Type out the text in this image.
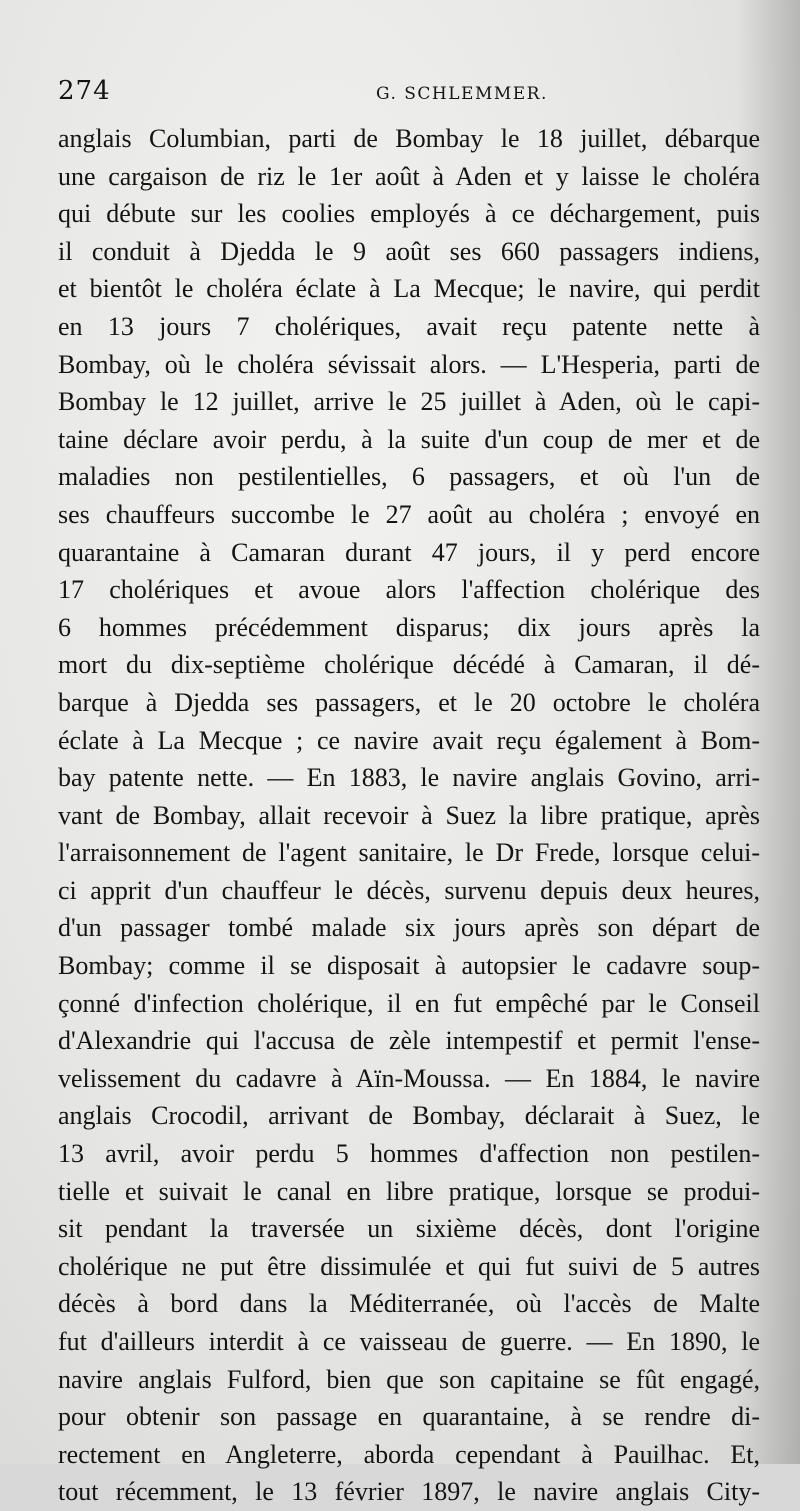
274	G. SCHLEMMER.
anglais Columbian, parti de Bombay le 18 juillet, débarque
une cargaison de riz le 1er août à Aden et y laisse le choléra
qui débute sur les coolies employés à ce déchargement, puis
il conduit à Djedda le 9 août ses 660 passagers indiens,
et bientôt le choléra éclate à La Mecque; le navire, qui perdit
en 13 jours 7 cholériques, avait reçu patente nette à
Bombay, où le choléra sévissait alors. — L'Hesperia, parti de
Bombay le 12 juillet, arrive le 25 juillet à Aden, où le capi-
taine déclare avoir perdu, à la suite d'un coup de mer et de
maladies non pestilentielles, 6 passagers, et où l'un de
ses chauffeurs succombe le 27 août au choléra ; envoyé en
quarantaine à Camaran durant 47 jours, il y perd encore
17 cholériques et avoue alors l'affection cholérique des
6 hommes précédemment disparus; dix jours après la
mort du dix-septième cholérique décédé à Camaran, il dé-
barque à Djedda ses passagers, et le 20 octobre le choléra
éclate à La Mecque ; ce navire avait reçu également à Bom-
bay patente nette. — En 1883, le navire anglais Govino, arri-
vant de Bombay, allait recevoir à Suez la libre pratique, après
l'arraisonnement de l'agent sanitaire, le Dr Frede, lorsque celui-
ci apprit d'un chauffeur le décès, survenu depuis deux heures,
d'un passager tombé malade six jours après son départ de
Bombay; comme il se disposait à autopsier le cadavre soup-
çonné d'infection cholérique, il en fut empêché par le Conseil
d'Alexandrie qui l'accusa de zèle intempestif et permit l'ense-
velissement du cadavre à Aïn-Moussa. — En 1884, le navire
anglais Crocodil, arrivant de Bombay, déclarait à Suez, le
13 avril, avoir perdu 5 hommes d'affection non pestilen-
tielle et suivait le canal en libre pratique, lorsque se produi-
sit pendant la traversée un sixième décès, dont l'origine
cholérique ne put être dissimulée et qui fut suivi de 5 autres
décès à bord dans la Méditerranée, où l'accès de Malte
fut d'ailleurs interdit à ce vaisseau de guerre. — En 1890, le
navire anglais Fulford, bien que son capitaine se fût engagé,
pour obtenir son passage en quarantaine, à se rendre di-
rectement en Angleterre, aborda cependant à Pauilhac. Et,
tout récemment, le 13 février 1897, le navire anglais City-
